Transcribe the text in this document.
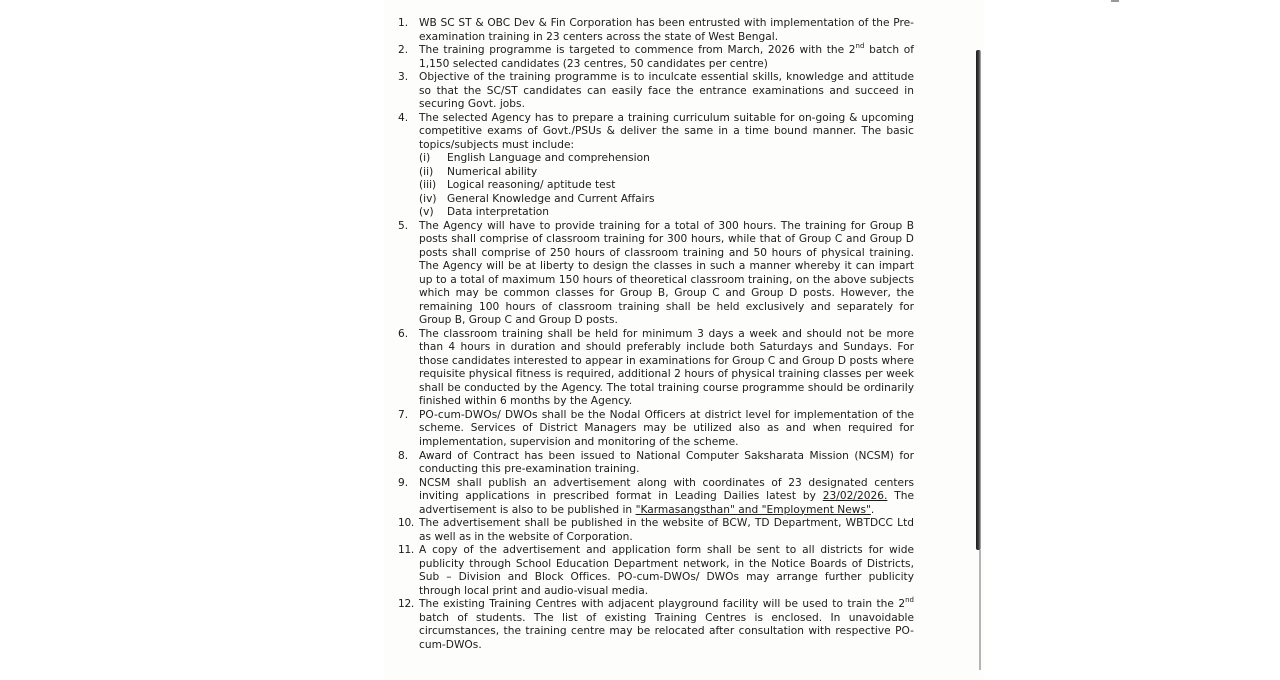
1.	WB SC ST & OBC Dev & Fin Corporation has been entrusted with implementation of the Pre-examination training in 23 centers across the state of West Bengal.
2.	The training programme is targeted to commence from March, 2026 with the 2nd batch of 1,150 selected candidates (23 centres, 50 candidates per centre)
3.	Objective of the training programme is to inculcate essential skills, knowledge and attitude so that the SC/ST candidates can easily face the entrance examinations and succeed in securing Govt. jobs.
4.	The selected Agency has to prepare a training curriculum suitable for on-going & upcoming competitive exams of Govt./PSUs & deliver the same in a time bound manner. The basic topics/subjects must include:
(i)	English Language and comprehension
(ii)	Numerical ability
(iii)	Logical reasoning/ aptitude test
(iv) General Knowledge and Current Affairs
(v)	Data interpretation
5.	The Agency will have to provide training for a total of 300 hours. The training for Group B posts shall comprise of classroom training for 300 hours, while that of Group C and Group D posts shall comprise of 250 hours of classroom training and 50 hours of physical training. The Agency will be at liberty to design the classes in such a manner whereby it can impart up to a total of maximum 150 hours of theoretical classroom training, on the above subjects which may be common classes for Group B, Group C and Group D posts. However, the remaining 100 hours of classroom training shall be held exclusively and separately for Group B, Group C and Group D posts.
6.	The classroom training shall be held for minimum 3 days a week and should not be more than 4 hours in duration and should preferably include both Saturdays and Sundays. For those candidates interested to appear in examinations for Group C and Group D posts where requisite physical fitness is required, additional 2 hours of physical training classes per week shall be conducted by the Agency. The total training course programme should be ordinarily finished within 6 months by the Agency.
7.	PO-cum-DWOs/ DWOs shall be the Nodal Officers at district level for implementation of the scheme. Services of District Managers may be utilized also as and when required for implementation, supervision and monitoring of the scheme.
8.	Award of Contract has been issued to National Computer Saksharata Mission (NCSM) for conducting this pre-examination training.
9.	NCSM shall publish an advertisement along with coordinates of 23 designated centers inviting applications in prescribed format in Leading Dailies latest by 23/02/2026. The advertisement is also to be published in "Karmasangsthan" and "Employment News".
10. The advertisement shall be published in the website of BCW, TD Department, WBTDCC Ltd as well as in the website of Corporation.
11. A copy of the advertisement and application form shall be sent to all districts for wide publicity through School Education Department network, in the Notice Boards of Districts, Sub – Division and Block Offices. PO-cum-DWOs/ DWOs may arrange further publicity through local print and audio-visual media.
12. The existing Training Centres with adjacent playground facility will be used to train the 2nd batch of students. The list of existing Training Centres is enclosed. In unavoidable circumstances, the training centre may be relocated after consultation with respective PO-cum-DWOs.
